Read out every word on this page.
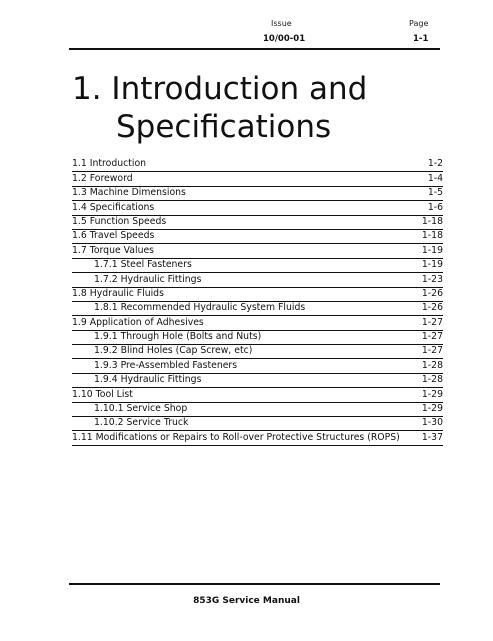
Issue	Page
10/00-01	1-1
1. Introduction and
Specifications
1.1 Introduction	1-2
1.2 Foreword	1-4
1.3 Machine Dimensions	1-5
1.4 Specifications	1-6
1.5 Function Speeds	1-18
1.6 Travel Speeds	1-18
1.7 Torque Values	1-19
1.7.1 Steel Fasteners	1-19
1.7.2 Hydraulic Fittings	1-23
1.8 Hydraulic Fluids	1-26
1.8.1 Recommended Hydraulic System Fluids	1-26
1.9 Application of Adhesives	1-27
1.9.1 Through Hole (Bolts and Nuts)	1-27
1.9.2 Blind Holes (Cap Screw, etc)	1-27
1.9.3 Pre-Assembled Fasteners	1-28
1.9.4 Hydraulic Fittings	1-28
1.10 Tool List	1-29
1.10.1 Service Shop	1-29
1.10.2 Service Truck	1-30
1.11 Modifications or Repairs to Roll-over Protective Structures (ROPS) 1-37
853G Service Manual
